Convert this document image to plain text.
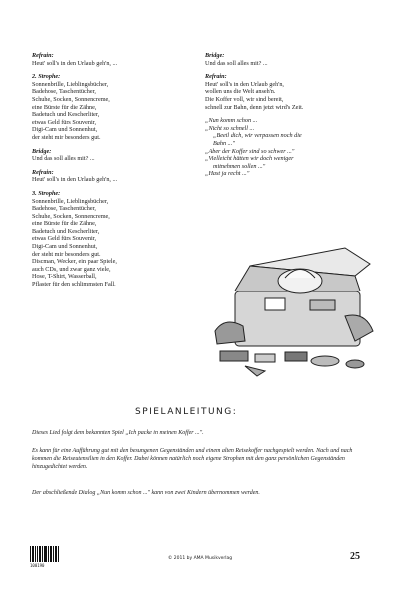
Refrain:
Heut' soll's in den Urlaub geh'n, ...
2. Strophe:
Sonnenbrille, Lieblingsbücher,
Badehose, Taschentücher,
Schuhe, Socken, Sonnencreme,
eine Bürste für die Zähne,
Badetuch und Kescherliter,
etwas Geld fürs Souvenir,
Digi-Cam und Sonnenhut,
der steht mir besonders gut.
Bridge:
Und das soll alles mit? ...
Refrain:
Heut' soll's in den Urlaub geh'n, ...
3. Strophe:
Sonnenbrille, Lieblingsbücher,
Badehose, Taschentücher,
Schuhe, Socken, Sonnencreme,
eine Bürste für die Zähne,
Badetuch und Kescherliter,
etwas Geld fürs Souvenir,
Digi-Cam und Sonnenhut,
der steht mir besonders gut.
Discman, Wecker, ein paar Spiele,
auch CDs, und zwar ganz viele,
Hose, T-Shirt, Wasserball,
Pflaster für den schlimmsten Fall.
Bridge:
Und das soll alles mit? ...
Refrain:
Heut' soll's in den Urlaub geh'n,
wollen uns die Welt anseh'n.
Die Koffer voll, wir sind bereit,
schnell zur Bahn, denn jetzt wird's Zeit.
„Nun komm schon ...
„Nicht so schnell ...
„Beeil dich, wir verpassen noch die
Bahn ..."
„Aber der Koffer sind so schwer ..."
„Vielleicht hätten wir doch weniger
mitnehmen sollen ..."
„Hast ja recht ..."
SPIELANLEITUNG:
Dieses Lied folgt dem bekannten Spiel „Ich packe in meinen Koffer ...".
Es kann für eine Aufführung gut mit den besungenen Gegenständen und einem alten Reisekoffer nachgespielt werden. Nach und nach kommen die Reiseutensilien in den Koffer. Dabei können natürlich noch eigene Strophen mit den ganz persönlichen Gegenständen hinzugedichtet werden.
Der abschließende Dialog „Nun komm schon ..." kann von zwei Kindern übernommen werden.
100190
© 2011 by AMA Musikverlag	25
